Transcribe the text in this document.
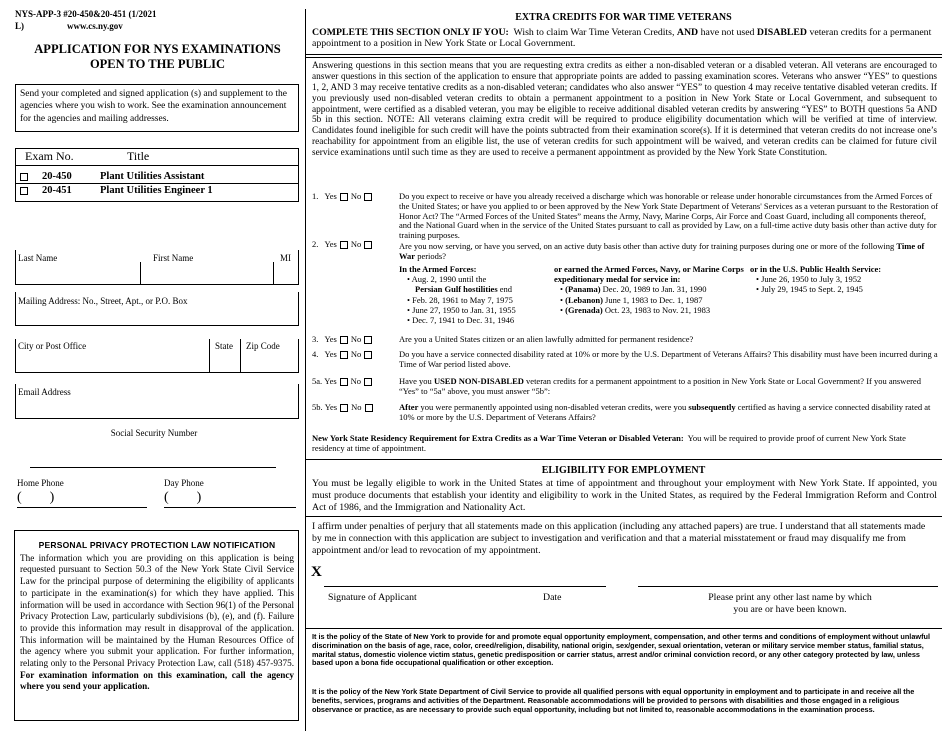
NYS-APP-3 #20-450&20-451 (1/2021
L)	www.cs.ny.gov
APPLICATION FOR NYS EXAMINATIONS
OPEN TO THE PUBLIC
Send your completed and signed application (s) and supplement to the agencies where you wish to work. See the examination announcement for the agencies and mailing addresses.
Exam No.	Title
20-450	Plant Utilities Assistant
20-451	Plant Utilities Engineer 1
Last Name	First Name	MI
Mailing Address: No., Street, Apt., or P.O. Box
City or Post Office	State Zip Code
Email Address
Social Security Number
Home Phone	Day Phone
( )	( )
PERSONAL PRIVACY PROTECTION LAW NOTIFICATION
The information which you are providing on this application is being requested pursuant to Section 50.3 of the New York State Civil Service Law for the principal purpose of determining the eligibility of applicants to participate in the examination(s) for which they have applied. This information will be used in accordance with Section 96(1) of the Personal Privacy Protection Law, particularly subdivisions (b), (e), and (f). Failure to provide this information may result in disapproval of the application. This information will be maintained by the Human Resources Office of the agency where you submit your application. For further information, relating only to the Personal Privacy Protection Law, call (518) 457-9375. For examination information on this examination, call the agency where you send your application.
EXTRA CREDITS FOR WAR TIME VETERANS
COMPLETE THIS SECTION ONLY IF YOU: Wish to claim War Time Veteran Credits, AND have not used DISABLED veteran credits for a permanent appointment to a position in New York State or Local Government.
Answering questions in this section means that you are requesting extra credits as either a non-disabled veteran or a disabled veteran. All veterans are encouraged to answer questions in this section of the application to ensure that appropriate points are added to passing examination scores. Veterans who answer “YES” to questions 1, 2, AND 3 may receive tentative credits as a non-disabled veteran; candidates who also answer “YES” to question 4 may receive tentative disabled veteran credits. If you previously used non-disabled veteran credits to obtain a permanent appointment to a position in New York State or Local Government, and subsequent to appointment, were certified as a disabled veteran, you may be eligible to receive additional disabled veteran credits by answering “YES” to BOTH questions 5a AND 5b in this section. NOTE: All veterans claiming extra credit will be required to produce eligibility documentation which will be verified at time of interview. Candidates found ineligible for such credit will have the points subtracted from their examination score(s). If it is determined that veteran credits do not increase one’s reachability for appointment from an eligible list, the use of veteran credits for such appointment will be waived, and veteran credits can be claimed for future civil service examinations until such time as they are used to receive a permanent appointment as provided by the New York State Constitution.
1. Yes No	Do you expect to receive or have you already received a discharge which was honorable or release under honorable circumstances from the Armed Forces of the United States; or have you applied to or been approved by the New York State Department of Veterans' Services as a veteran pursuant to the Restoration of Honor Act? The “Armed Forces of the United States” means the Army, Navy, Marine Corps, Air Force and Coast Guard, including all components thereof, and the National Guard when in the service of the United States pursuant to call as provided by Law, on a full-time active duty basis other than active duty for training purposes.
2. Yes No	Are you now serving, or have you served, on an active duty basis other than active duty for training purposes during one or more of the following Time of War periods?
In the Armed Forces:
• Aug. 2, 1990 until the
Persian Gulf hostilities end
• Feb. 28, 1961 to May 7, 1975
• June 27, 1950 to Jan. 31, 1955
• Dec. 7, 1941 to Dec. 31, 1946
or earned the Armed Forces, Navy, or Marine Corps expeditionary medal for service in:
• (Panama) Dec. 20, 1989 to Jan. 31, 1990
• (Lebanon) June 1, 1983 to Dec. 1, 1987
• (Grenada) Oct. 23, 1983 to Nov. 21, 1983
or in the U.S. Public Health Service:
• June 26, 1950 to July 3, 1952
• July 29, 1945 to Sept. 2, 1945
3. Yes No	Are you a United States citizen or an alien lawfully admitted for permanent residence?
4. Yes No	Do you have a service connected disability rated at 10% or more by the U.S. Department of Veterans Affairs? This disability must have been incurred during a Time of War period listed above.
5a. Yes No	Have you USED NON-DISABLED veteran credits for a permanent appointment to a position in New York State or Local Government? If you answered “Yes” to “5a” above, you must answer “5b”:
5b. Yes No	After you were permanently appointed using non-disabled veteran credits, were you subsequently certified as having a service connected disability rated at 10% or more by the U.S. Department of Veterans Affairs?
New York State Residency Requirement for Extra Credits as a War Time Veteran or Disabled Veteran: You will be required to provide proof of current New York State residency at time of appointment.
ELIGIBILITY FOR EMPLOYMENT
You must be legally eligible to work in the United States at time of appointment and throughout your employment with New York State. If appointed, you must produce documents that establish your identity and eligibility to work in the United States, as required by the Federal Immigration Reform and Control Act of 1986, and the Immigration and Nationality Act.
I affirm under penalties of perjury that all statements made on this application (including any attached papers) are true. I understand that all statements made by me in connection with this application are subject to investigation and verification and that a material misstatement or fraud may disqualify me from appointment and/or lead to revocation of my appointment.
X
Signature of Applicant	Date	Please print any other last name by which
you are or have been known.
It is the policy of the State of New York to provide for and promote equal opportunity employment, compensation, and other terms and conditions of employment without unlawful discrimination on the basis of age, race, color, creed/religion, disability, national origin, sex/gender, sexual orientation, veteran or military service member status, familial status, marital status, domestic violence victim status, genetic predisposition or carrier status, arrest and/or criminal conviction record, or any other category protected by law, unless based upon a bona fide occupational qualification or other exception.
It is the policy of the New York State Department of Civil Service to provide all qualified persons with equal opportunity in employment and to participate in and receive all the benefits, services, programs and activities of the Department. Reasonable accommodations will be provided to persons with disabilities and those engaged in a religious observance or practice, as are necessary to provide such equal opportunity, including but not limited to, reasonable accommodations in the examination process.
